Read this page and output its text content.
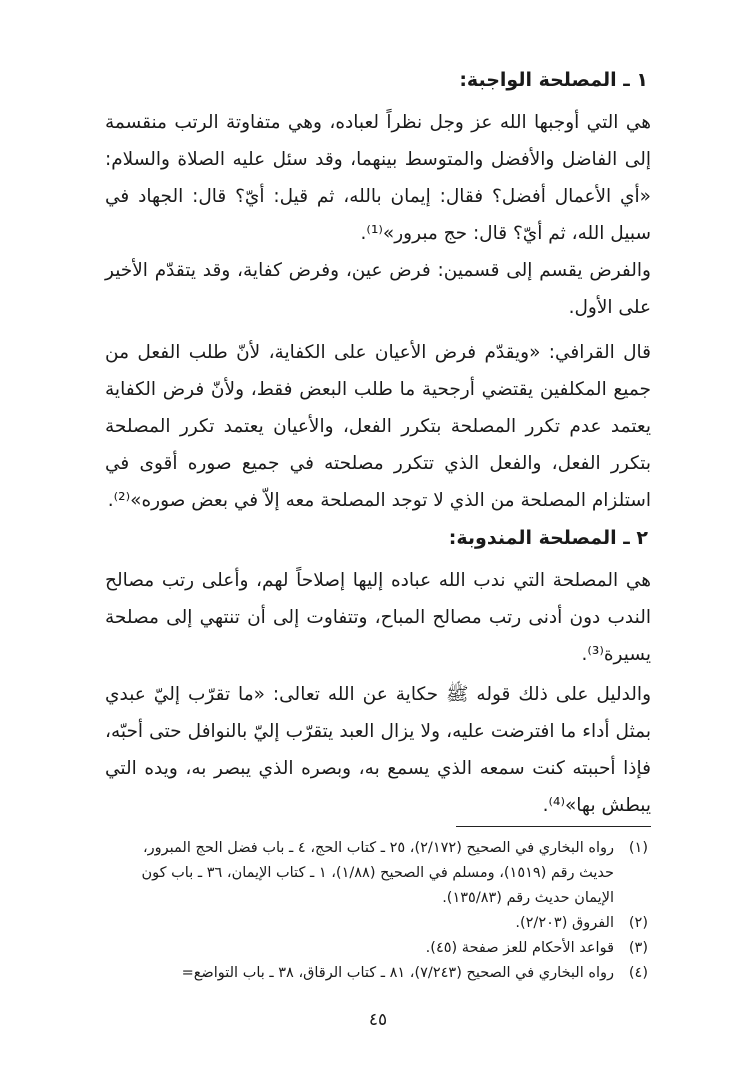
١ ـ المصلحة الواجبة:

هي التي أوجبها الله عز وجل نظراً لعباده، وهي متفاوتة الرتب منقسمة إلى الفاضل والأفضل والمتوسط بينهما، وقد سئل عليه الصلاة والسلام: «أي الأعمال أفضل؟ فقال: إيمان بالله، ثم قيل: أيّ؟ قال: الجهاد في سبيل الله، ثم أيّ؟ قال: حج مبرور»⁽¹⁾.

والفرض يقسم إلى قسمين: فرض عين، وفرض كفاية، وقد يتقدّم الأخير على الأول.

قال القرافي: «ويقدّم فرض الأعيان على الكفاية، لأنّ طلب الفعل من جميع المكلفين يقتضي أرجحية ما طلب البعض فقط، ولأنّ فرض الكفاية يعتمد عدم تكرر المصلحة بتكرر الفعل، والأعيان يعتمد تكرر المصلحة بتكرر الفعل، والفعل الذي تتكرر مصلحته في جميع صوره أقوى في استلزام المصلحة من الذي لا توجد المصلحة معه إلاّ في بعض صوره»⁽²⁾.

٢ ـ المصلحة المندوبة:

هي المصلحة التي ندب الله عباده إليها إصلاحاً لهم، وأعلى رتب مصالح الندب دون أدنى رتب مصالح المباح، وتتفاوت إلى أن تنتهي إلى مصلحة يسيرة⁽³⁾.

والدليل على ذلك قوله ﷺ حكاية عن الله تعالى: «ما تقرّب إليّ عبدي بمثل أداء ما افترضت عليه، ولا يزال العبد يتقرّب إليّ بالنوافل حتى أحبّه، فإذا أحببته كنت سمعه الذي يسمع به، وبصره الذي يبصر به، ويده التي يبطش بها»⁽⁴⁾.

(١)
رواه البخاري في الصحيح (٢/١٧٢)، ٢٥ ـ كتاب الحج، ٤ ـ باب فضل الحج المبرور، حديث رقم (١٥١٩)، ومسلم في الصحيح (١/٨٨)، ١ ـ كتاب الإيمان، ٣٦ ـ باب كون الإيمان حديث رقم (١٣٥/٨٣).
(٢)
الفروق (٢/٢٠٣).
(٣)
قواعد الأحكام للعز صفحة (٤٥).
(٤)
رواه البخاري في الصحيح (٧/٢٤٣)، ٨١ ـ كتاب الرقاق، ٣٨ ـ باب التواضع=
٤٥
